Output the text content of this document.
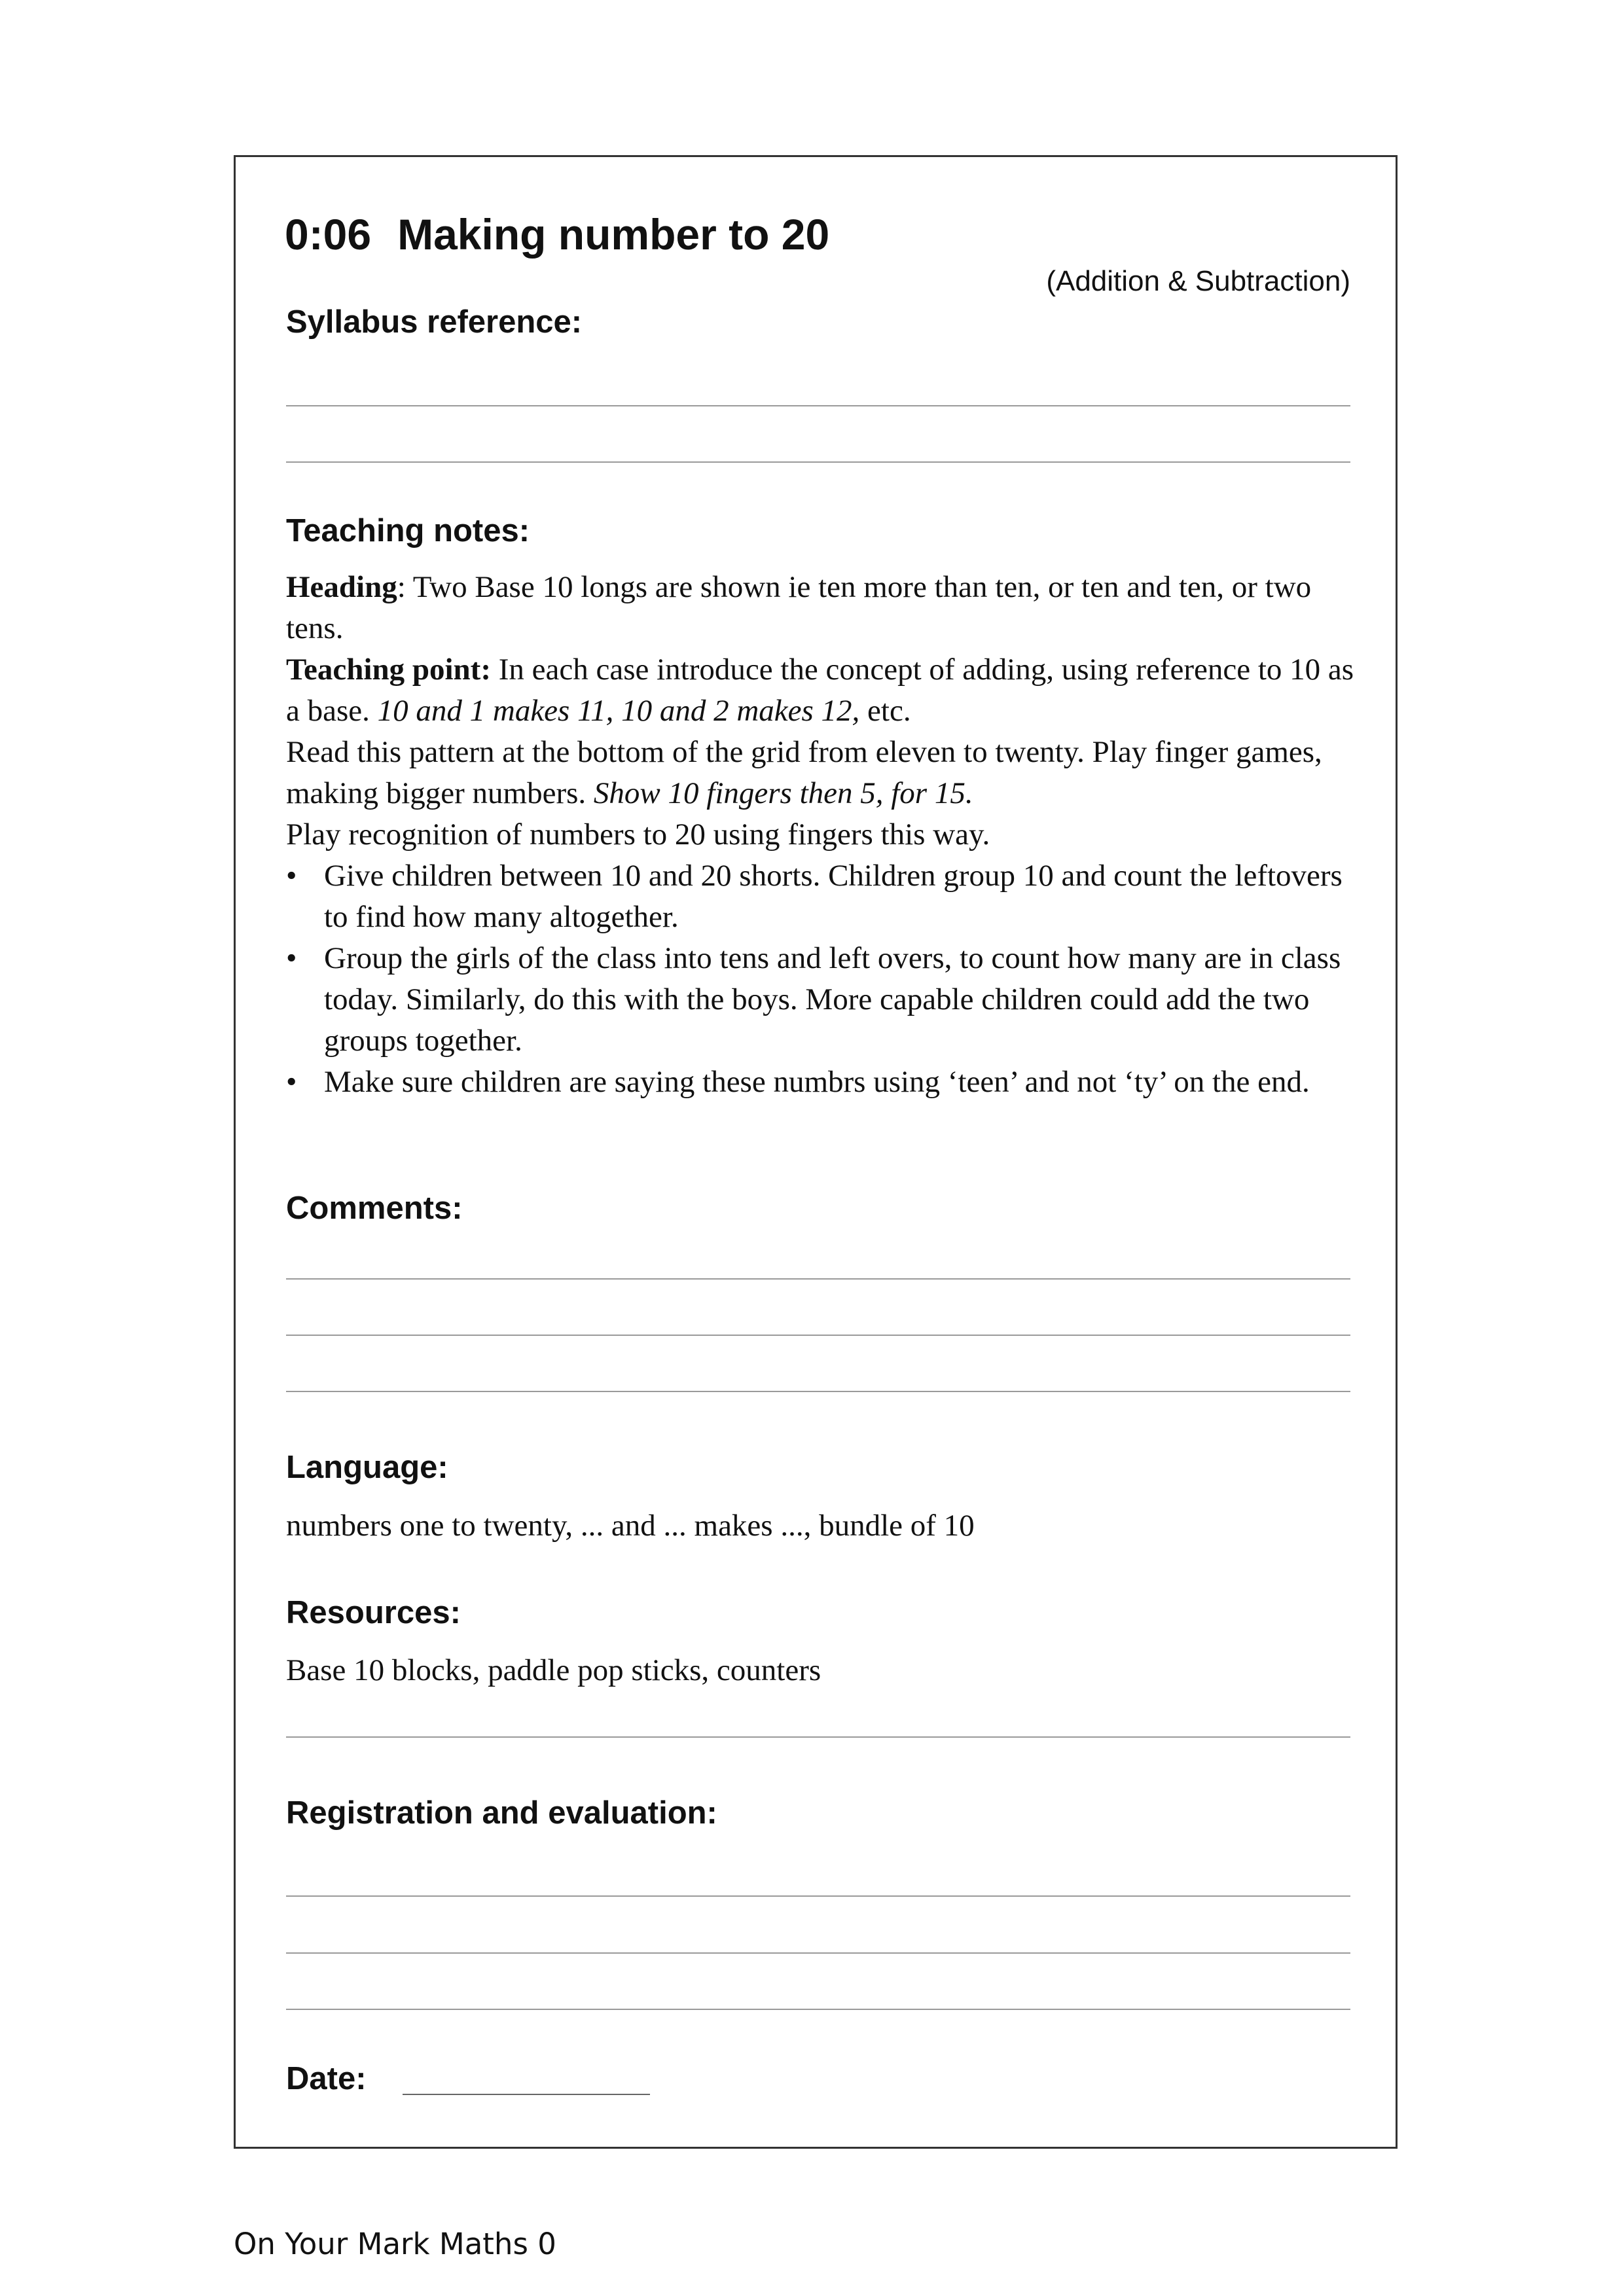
0:06 Making number to 20
(Addition & Subtraction)
Syllabus reference:
Teaching notes:

Heading: Two Base 10 longs are shown ie ten more than ten, or ten and ten, or two tens.

Teaching point: In each case introduce the concept of adding, using reference to 10 as a base. 10 and 1 makes 11, 10 and 2 makes 12, etc.

Read this pattern at the bottom of the grid from eleven to twenty. Play finger games, making bigger numbers. Show 10 fingers then 5, for 15.

Play recognition of numbers to 20 using fingers this way.

• Give children between 10 and 20 shorts. Children group 10 and count the leftovers to find how many altogether.
• Group the girls of the class into tens and left overs, to count how many are in class today. Similarly, do this with the boys. More capable children could add the two groups together.
• Make sure children are saying these numbrs using ‘teen’ and not ‘ty’ on the end.
Comments:
Language:
numbers one to twenty, ... and ... makes ..., bundle of 10
Resources:
Base 10 blocks, paddle pop sticks, counters
Registration and evaluation:
Date:
On Your Mark Maths 0
